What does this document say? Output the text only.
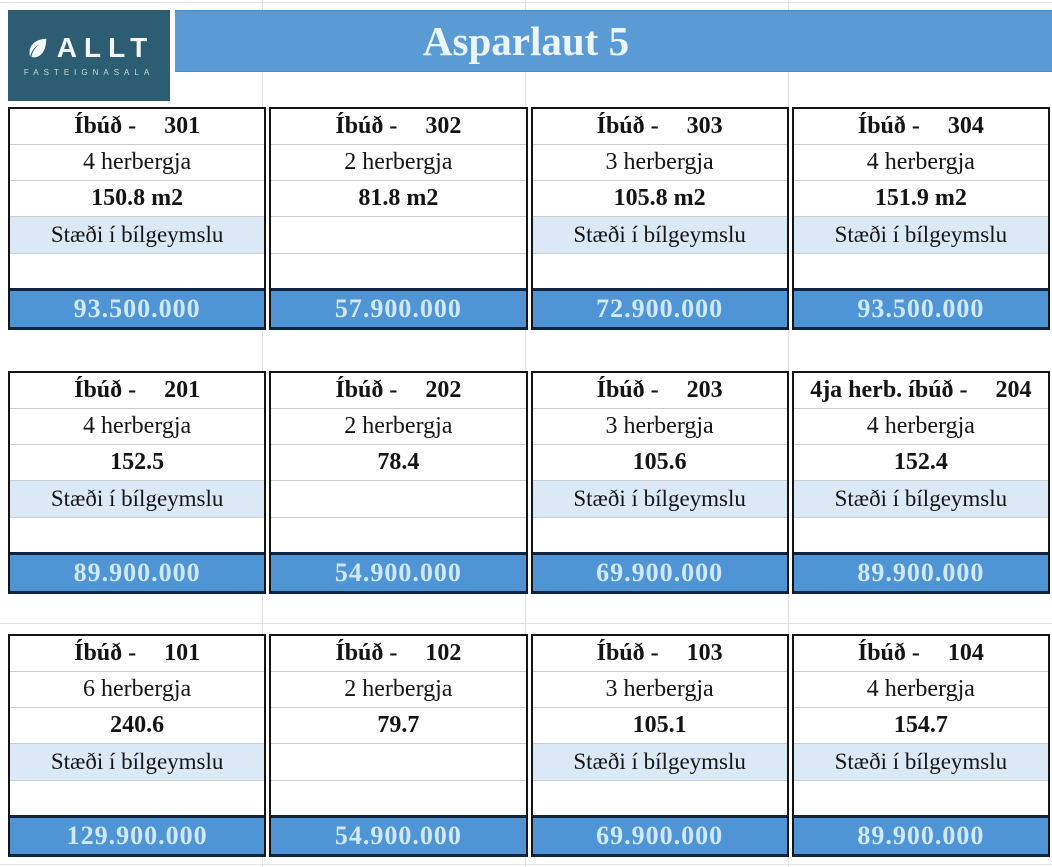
ALLT
FASTEIGNASALA
Asparlaut 5
Íbúð - 301
4 herbergja
150.8 m2
Stæði í bílgeymslu
93.500.000
Íbúð - 302
2 herbergja
81.8 m2
57.900.000
Íbúð - 303
3 herbergja
105.8 m2
Stæði í bílgeymslu
72.900.000
Íbúð - 304
4 herbergja
151.9 m2
Stæði í bílgeymslu
93.500.000
Íbúð - 201
4 herbergja
152.5
Stæði í bílgeymslu
89.900.000
Íbúð - 202
2 herbergja
78.4
54.900.000
Íbúð - 203
3 herbergja
105.6
Stæði í bílgeymslu
69.900.000
4ja herb. íbúð - 204
4 herbergja
152.4
Stæði í bílgeymslu
89.900.000
Íbúð - 101
6 herbergja
240.6
Stæði í bílgeymslu
129.900.000
Íbúð - 102
2 herbergja
79.7
54.900.000
Íbúð - 103
3 herbergja
105.1
Stæði í bílgeymslu
69.900.000
Íbúð - 104
4 herbergja
154.7
Stæði í bílgeymslu
89.900.000
